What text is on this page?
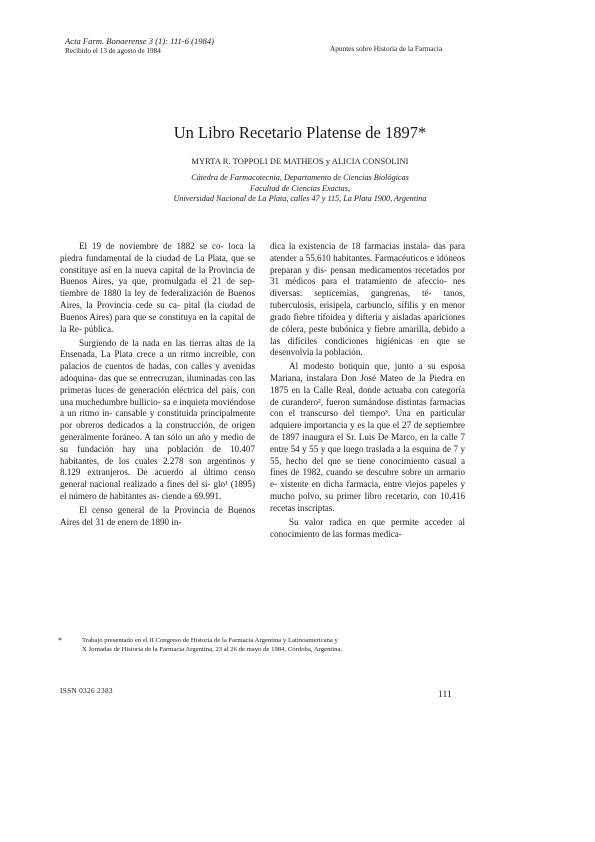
Acta Farm. Bonaerense 3 (1): 111-6 (1984)
Recibido el 13 de agosto de 1984	Apuntes sobre Historia de la Farmacia
Un Libro Recetario Platense de 1897*
MYRTA R. TOPPOLI DE MATHEOS y ALICIA CONSOLINI
Cátedra de Farmacotecnia, Departamento de Ciencias Biológicas
Facultad de Ciencias Exactas,
Universidad Nacional de La Plata, calles 47 y 115, La Plata 1900, Argentina

El 19 de noviembre de 1882 se co- loca la piedra fundamental de la ciudad de La Plata, que se constituye así en la nueva capital de la Provincia de Buenos Aires, ya que, promulgada el 21 de sep- tiembre de 1880 la ley de federalización de Buenos Aires, la Provincia cede su ca- pital (la ciudad de Buenos Aires) para que se constituya en la capital de la Re- pública.

Surgiendo de la nada en las tierras altas de la Ensenada, La Plata crece a un ritmo increíble, con palacios de cuentos de hadas, con calles y avenidas adoquina- das que se entrecruzan, iluminadas con las primeras luces de generación eléctrica del país, con una muchedumbre bullicio- sa e inquieta moviéndose a un ritmo in- cansable y constituida principalmente por obreros dedicados a la construcción, de origen generalmente foráneo. A tan sólo un año y medio de su fundación hay una población de 10.407 habitantes, de los cuales 2.278 son argentinos y 8.129 extranjeros. De acuerdo al último censo general nacional realizado a fines del si- glo¹ (1895) el número de habitantes as- ciende a 69.991.

El censo general de la Provincia de Buenos Aires del 31 de enero de 1890 in-

dica la existencia de 18 farmacias instala- das para atender a 55.610 habitantes. Farmacéuticos e idóneos preparan y dis- pensan medicamentos recetados por 31 médicos para el tratamiento de afeccio- nes diversas: septicemias, gangrenas, té- tanos, tuberculosis, erisipela, carbunclo, sífilis y en menor grado fiebre tifoidea y difteria y aisladas apariciones de cólera, peste bubónica y fiebre amarilla, debido a las difíciles condiciones higiénicas en que se desenvolvía la población.

Al modesto botiquín que, junto a su esposa Mariana, instalara Don José Mateo de la Piedra en 1875 en la Calle Real, donde actuaba con categoría de curandero², fueron sumándose distintas farmacias con el transcurso del tiempo³. Una en particular adquiere importancia y es la que el 27 de septiembre de 1897 inaugura el Sr. Luis De Marco, en la calle 7 entre 54 y 55 y que luego traslada a la esquina de 7 y 55, hecho del que se tiene conocimiento casual a fines de 1982, cuando se descubre sobre un armario e- xistente en dicha farmacia, entre viejos papeles y mucho polvo, su primer libro recetario, con 10.416 recetas inscriptas.

Su valor radica en que permite acceder al conocimiento de las formas medica-

*	Trabajo presentado en el II Congreso de Historia de la Farmacia Argentina y Latinoamericana y
X Jornadas de Historia de la Farmacia Argentina, 23 al 26 de mayo de 1984, Córdoba, Argentina.
ISSN 0326 2383	111
